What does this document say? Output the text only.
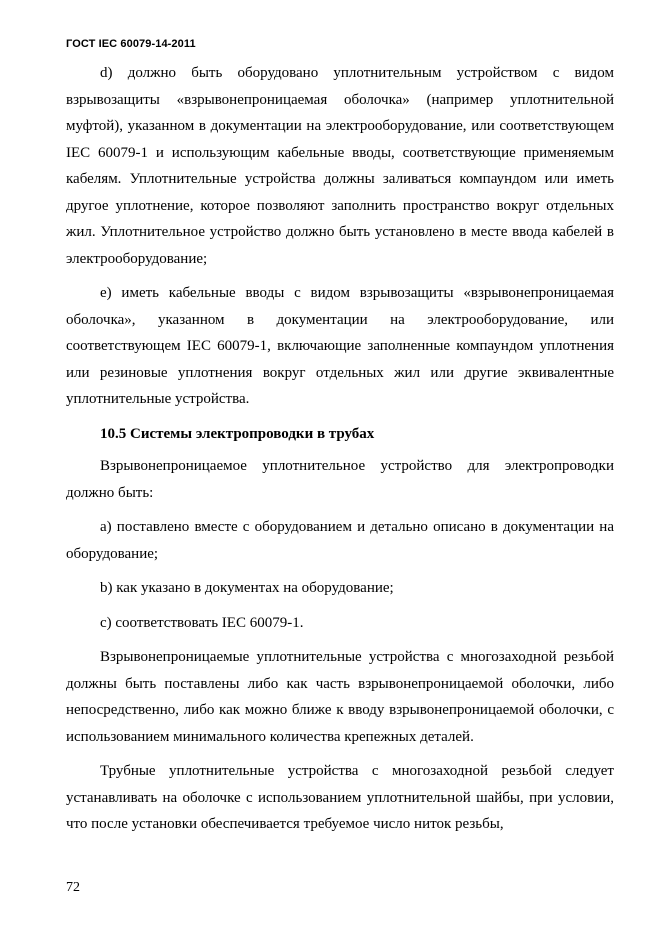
ГОСТ IEC 60079-14-2011

d) должно быть оборудовано уплотнительным устройством с видом взрывозащиты «взрывонепроницаемая оболочка» (например уплотнительной муфтой), указанном в документации на электрооборудование, или соответствующем IEC 60079-1 и использующим кабельные вводы, соответствующие применяемым кабелям. Уплотнительные устройства должны заливаться компаундом или иметь другое уплотнение, которое позволяют заполнить пространство вокруг отдельных жил. Уплотнительное устройство должно быть установлено в месте ввода кабелей в электрооборудование;

e) иметь кабельные вводы с видом взрывозащиты «взрывонепроницаемая оболочка», указанном в документации на электрооборудование, или соответствующем IEC 60079-1, включающие заполненные компаундом уплотнения или резиновые уплотнения вокруг отдельных жил или другие эквивалентные уплотнительные устройства.

10.5 Системы электропроводки в трубах

Взрывонепроницаемое уплотнительное устройство для электропроводки должно быть:

a) поставлено вместе с оборудованием и детально описано в документации на оборудование;

b) как указано в документах на оборудование;

c) соответствовать IEC 60079-1.

Взрывонепроницаемые уплотнительные устройства с многозаходной резьбой должны быть поставлены либо как часть взрывонепроницаемой оболочки, либо непосредственно, либо как можно ближе к вводу взрывонепроницаемой оболочки, с использованием минимального количества крепежных деталей.

Трубные уплотнительные устройства с многозаходной резьбой следует устанавливать на оболочке с использованием уплотнительной шайбы, при условии, что после установки обеспечивается требуемое число ниток резьбы,

72
